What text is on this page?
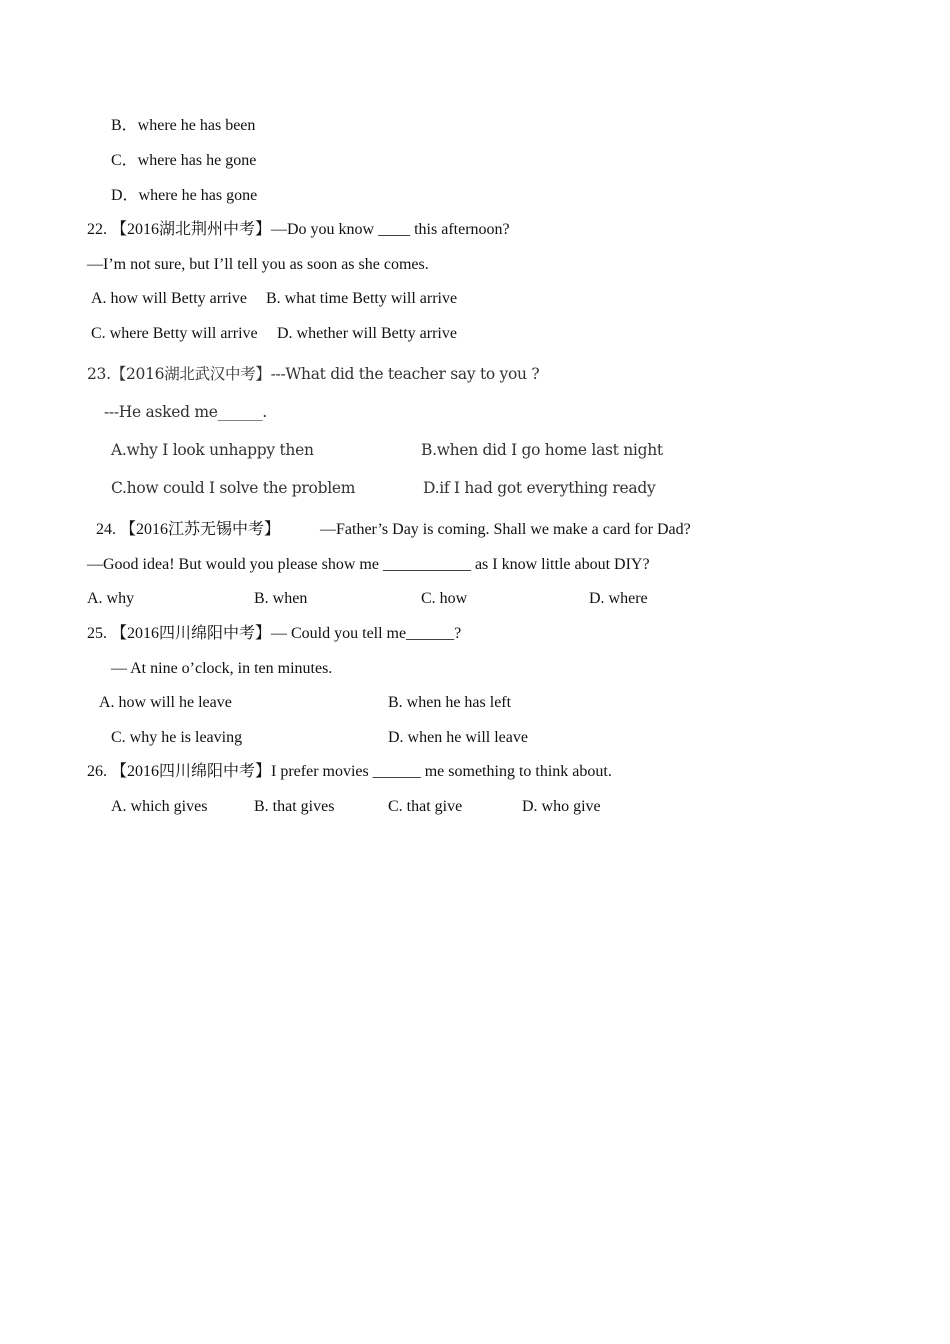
B．where he has been
C．where has he gone
D．where he has gone
22. 【2016湖北荆州中考】—Do you know ____ this afternoon?
—I’m not sure, but I’ll tell you as soon as she comes.
A. how will Betty arrive B. what time Betty will arrive
C. where Betty will arrive D. whether will Betty arrive
23.【2016湖北武汉中考】---What did the teacher say to you ?
---He asked me______.
A.why I look unhappy then	B.when did I go home last night
C.how could I solve the problem	D.if I had got everything ready
24. 【2016江苏无锡中考】 —Father’s Day is coming. Shall we make a card for Dad?
—Good idea! But would you please show me ___________ as I know little about DIY?
A. why	B. when	C. how	D. where
25. 【2016四川绵阳中考】— Could you tell me______?
— At nine o’clock, in ten minutes.
A. how will he leave	B. when he has left
C. why he is leaving	D. when he will leave
26. 【2016四川绵阳中考】I prefer movies ______ me something to think about.
A. which gives	B. that gives	C. that give	D. who give
